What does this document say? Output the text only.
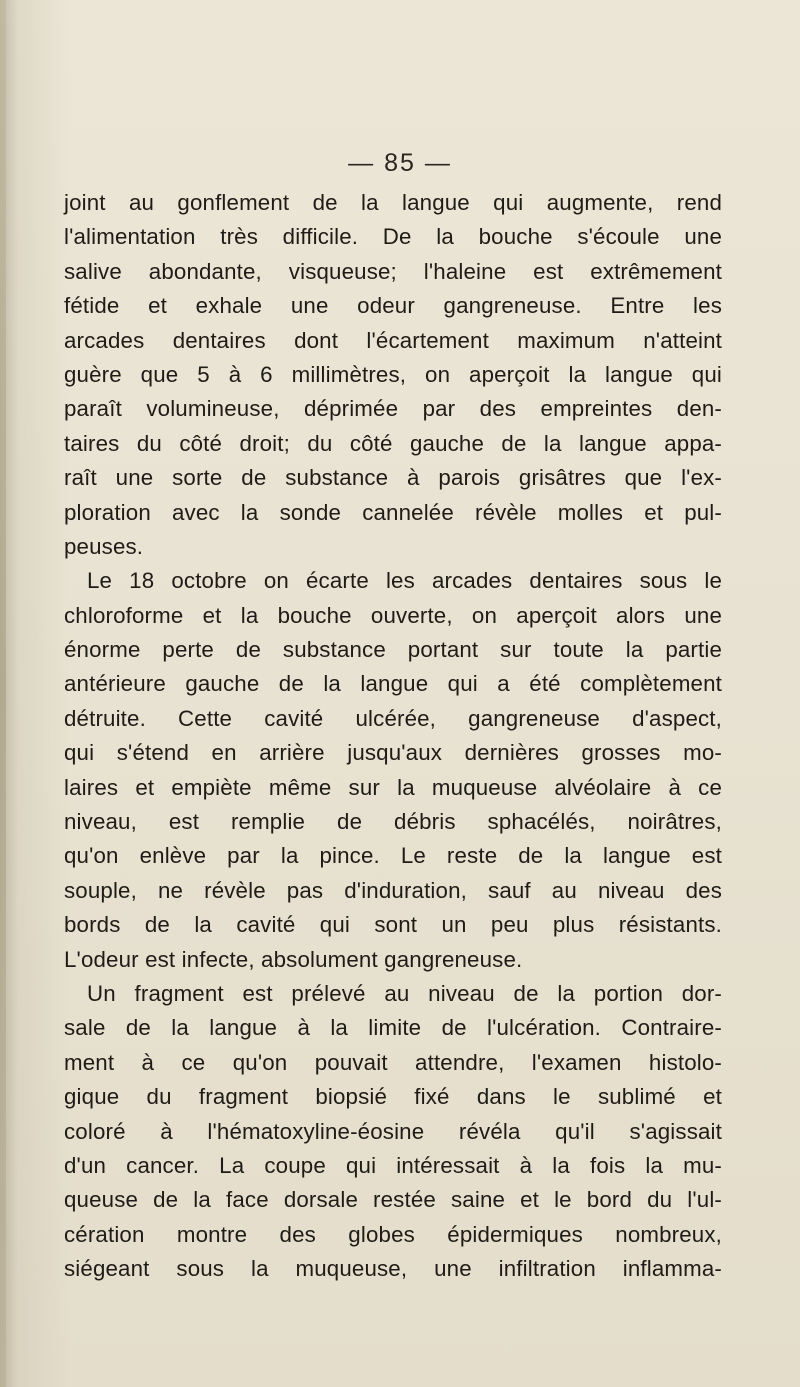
— 85 —
joint au gonflement de la langue qui augmente, rend
l'alimentation très difficile. De la bouche s'écoule une
salive abondante, visqueuse; l'haleine est extrêmement
fétide et exhale une odeur gangreneuse. Entre les
arcades dentaires dont l'écartement maximum n'atteint
guère que 5 à 6 millimètres, on aperçoit la langue qui
paraît volumineuse, déprimée par des empreintes den-
taires du côté droit; du côté gauche de la langue appa-
raît une sorte de substance à parois grisâtres que l'ex-
ploration avec la sonde cannelée révèle molles et pul-
peuses.
Le 18 octobre on écarte les arcades dentaires sous le
chloroforme et la bouche ouverte, on aperçoit alors une
énorme perte de substance portant sur toute la partie
antérieure gauche de la langue qui a été complètement
détruite. Cette cavité ulcérée, gangreneuse d'aspect,
qui s'étend en arrière jusqu'aux dernières grosses mo-
laires et empiète même sur la muqueuse alvéolaire à ce
niveau, est remplie de débris sphacélés, noirâtres,
qu'on enlève par la pince. Le reste de la langue est
souple, ne révèle pas d'induration, sauf au niveau des
bords de la cavité qui sont un peu plus résistants.
L'odeur est infecte, absolument gangreneuse.
Un fragment est prélevé au niveau de la portion dor-
sale de la langue à la limite de l'ulcération. Contraire-
ment à ce qu'on pouvait attendre, l'examen histolo-
gique du fragment biopsié fixé dans le sublimé et
coloré à l'hématoxyline-éosine révéla qu'il s'agissait
d'un cancer. La coupe qui intéressait à la fois la mu-
queuse de la face dorsale restée saine et le bord du l'ul-
cération montre des globes épidermiques nombreux,
siégeant sous la muqueuse, une infiltration inflamma-
